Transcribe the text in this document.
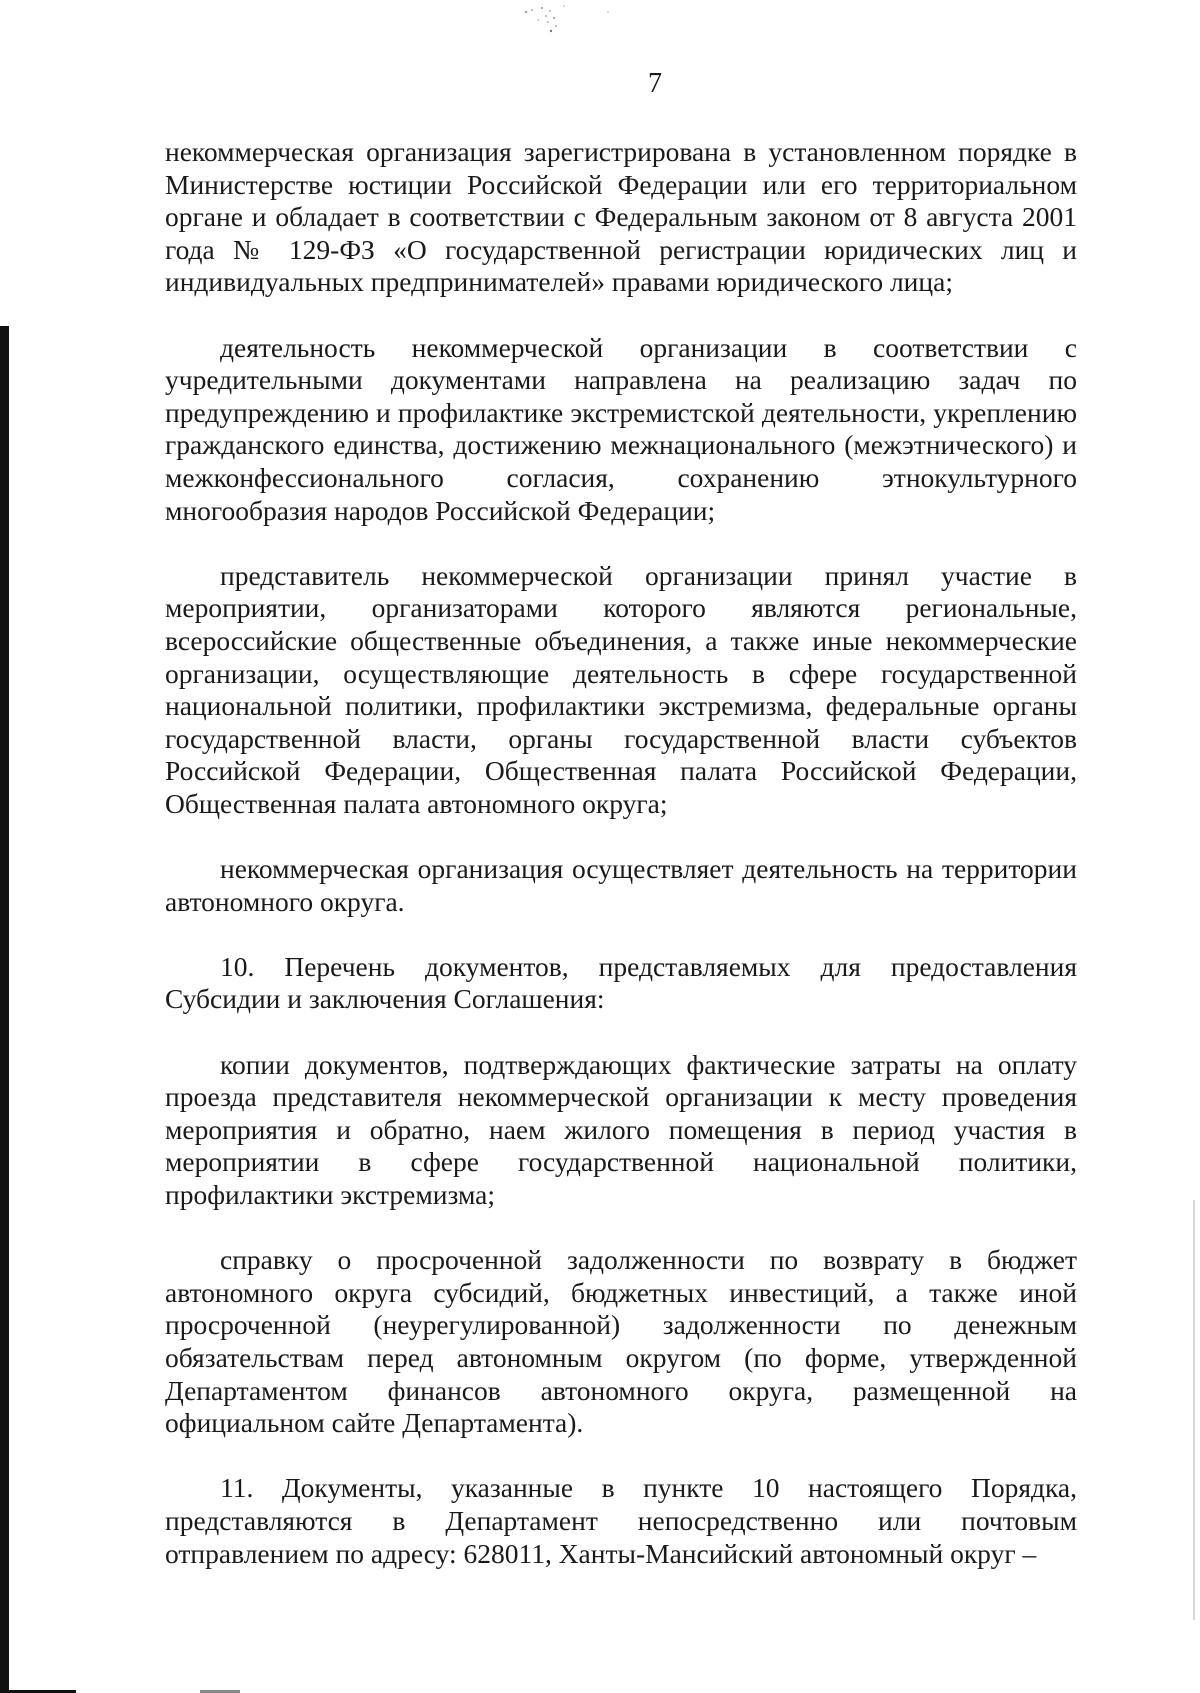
7

некоммерческая организация зарегистрирована в установленном порядке в Министерстве юстиции Российской Федерации или его территориальном органе и обладает в соответствии с Федеральным законом от 8 августа 2001 года № 129-ФЗ «О государственной регистрации юридических лиц и индивидуальных предпринимателей» правами юридического лица;

деятельность некоммерческой организации в соответствии с учредительными документами направлена на реализацию задач по предупреждению и профилактике экстремистской деятельности, укреплению гражданского единства, достижению межнационального (межэтнического) и межконфессионального согласия, сохранению этнокультурного многообразия народов Российской Федерации;

представитель некоммерческой организации принял участие в мероприятии, организаторами которого являются региональные, всероссийские общественные объединения, а также иные некоммерческие организации, осуществляющие деятельность в сфере государственной национальной политики, профилактики экстремизма, федеральные органы государственной власти, органы государственной власти субъектов Российской Федерации, Общественная палата Российской Федерации, Общественная палата автономного округа;

некоммерческая организация осуществляет деятельность на территории автономного округа.

10. Перечень документов, представляемых для предоставления Субсидии и заключения Соглашения:

копии документов, подтверждающих фактические затраты на оплату проезда представителя некоммерческой организации к месту проведения мероприятия и обратно, наем жилого помещения в период участия в мероприятии в сфере государственной национальной политики, профилактики экстремизма;

справку о просроченной задолженности по возврату в бюджет автономного округа субсидий, бюджетных инвестиций, а также иной просроченной (неурегулированной) задолженности по денежным обязательствам перед автономным округом (по форме, утвержденной Департаментом финансов автономного округа, размещенной на официальном сайте Департамента).

11. Документы, указанные в пункте 10 настоящего Порядка, представляются в Департамент непосредственно или почтовым отправлением по адресу: 628011, Ханты-Мансийский автономный округ –
